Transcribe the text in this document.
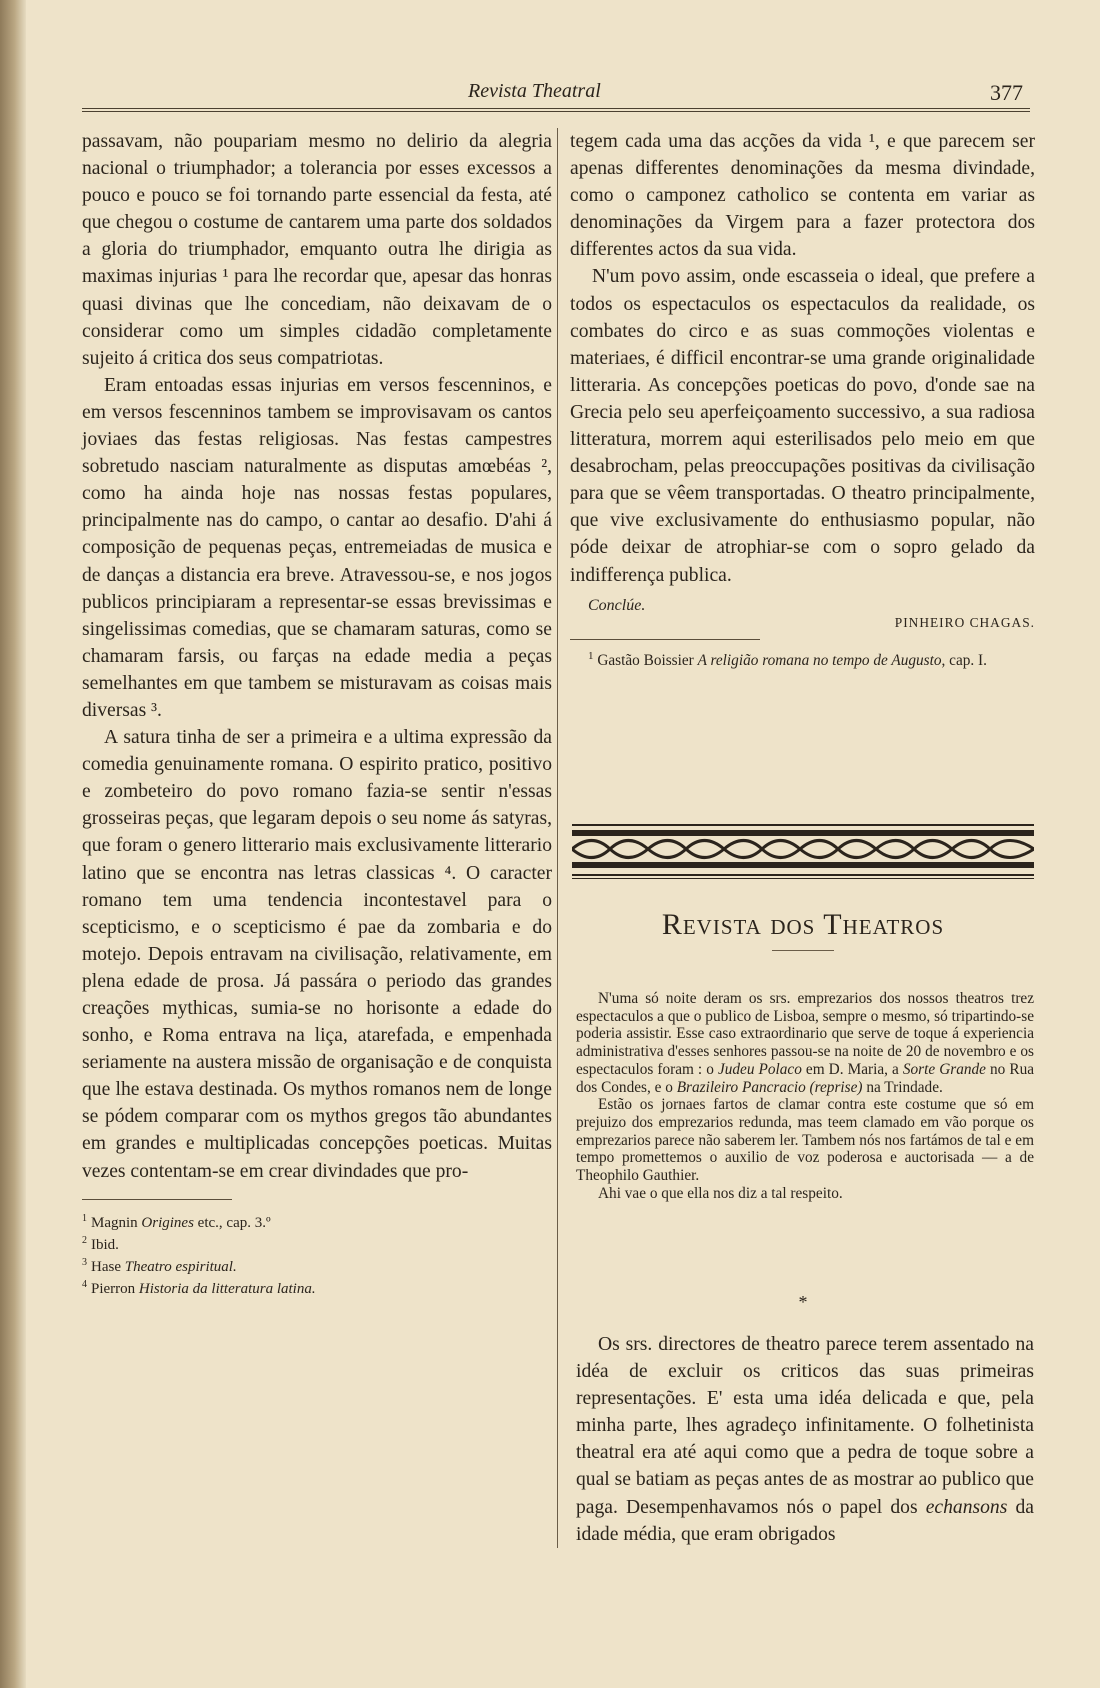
Revista Theatral	377

passavam, não poupariam mesmo no delirio da alegria nacional o triumphador; a tolerancia por esses excessos a pouco e pouco se foi tornando parte essencial da festa, até que chegou o costume de cantarem uma parte dos soldados a gloria do triumphador, emquanto outra lhe dirigia as maximas injurias ¹ para lhe recordar que, apesar das honras quasi divinas que lhe concediam, não deixavam de o considerar como um simples cidadão completamente sujeito á critica dos seus compatriotas.

Eram entoadas essas injurias em versos fescenninos, e em versos fescenninos tambem se improvisavam os cantos joviaes das festas religiosas. Nas festas campestres sobretudo nasciam naturalmente as disputas amœbéas ², como ha ainda hoje nas nossas festas populares, principalmente nas do campo, o cantar ao desafio. D'ahi á composição de pequenas peças, entremeiadas de musica e de danças a distancia era breve. Atravessou-se, e nos jogos publicos principiaram a representar-se essas brevissimas e singelissimas comedias, que se chamaram saturas, como se chamaram farsis, ou farças na edade media a peças semelhantes em que tambem se misturavam as coisas mais diversas ³.

A satura tinha de ser a primeira e a ultima expressão da comedia genuinamente romana. O espirito pratico, positivo e zombeteiro do povo romano fazia-se sentir n'essas grosseiras peças, que legaram depois o seu nome ás satyras, que foram o genero litterario mais exclusivamente litterario latino que se encontra nas letras classicas ⁴. O caracter romano tem uma tendencia incontestavel para o scepticismo, e o scepticismo é pae da zombaria e do motejo. Depois entravam na civilisação, relativamente, em plena edade de prosa. Já passára o periodo das grandes creações mythicas, sumia-se no horisonte a edade do sonho, e Roma entrava na liça, atarefada, e empenhada seriamente na austera missão de organisação e de conquista que lhe estava destinada. Os mythos romanos nem de longe se pódem comparar com os mythos gregos tão abundantes em grandes e multiplicadas concepções poeticas. Muitas vezes contentam-se em crear divindades que pro-

$^1$ Magnin Origines etc., cap. 3.º

$^2$ Ibid.

$^3$ Hase Theatro espiritual.

$^4$ Pierron Historia da litteratura latina.

tegem cada uma das acções da vida ¹, e que parecem ser apenas differentes denominações da mesma divindade, como o camponez catholico se contenta em variar as denominações da Virgem para a fazer protectora dos differentes actos da sua vida.

N'um povo assim, onde escasseia o ideal, que prefere a todos os espectaculos os espectaculos da realidade, os combates do circo e as suas commoções violentas e materiaes, é difficil encontrar-se uma grande originalidade litteraria. As concepções poeticas do povo, d'onde sae na Grecia pelo seu aperfeiçoamento successivo, a sua radiosa litteratura, morrem aqui esterilisados pelo meio em que desabrocham, pelas preoccupações positivas da civilisação para que se vêem transportadas. O theatro principalmente, que vive exclusivamente do enthusiasmo popular, não póde deixar de atrophiar-se com o sopro gelado da indifferença publica.

Conclúe.
PINHEIRO CHAGAS.

$^1$ Gastão Boissier A religião romana no tempo de Augusto, cap. I.

Revista dos Theatros

N'uma só noite deram os srs. emprezarios dos nossos theatros trez espectaculos a que o publico de Lisboa, sempre o mesmo, só tripartindo-se poderia assistir. Esse caso extraordinario que serve de toque á experiencia administrativa d'esses senhores passou-se na noite de 20 de novembro e os espectaculos foram : o Judeu Polaco em D. Maria, a Sorte Grande no Rua dos Condes, e o Brazileiro Pancracio (reprise) na Trindade.

Estão os jornaes fartos de clamar contra este costume que só em prejuizo dos emprezarios redunda, mas teem clamado em vão porque os emprezarios parece não saberem ler. Tambem nós nos fartámos de tal e em tempo promettemos o auxilio de voz poderosa e auctorisada — a de Theophilo Gauthier.

Ahi vae o que ella nos diz a tal respeito.

*

Os srs. directores de theatro parece terem assentado na idéa de excluir os criticos das suas primeiras representações. E' esta uma idéa delicada e que, pela minha parte, lhes agradeço infinitamente. O folhetinista theatral era até aqui como que a pedra de toque sobre a qual se batiam as peças antes de as mostrar ao publico que paga. Desempenhavamos nós o papel dos echansons da idade média, que eram obrigados
